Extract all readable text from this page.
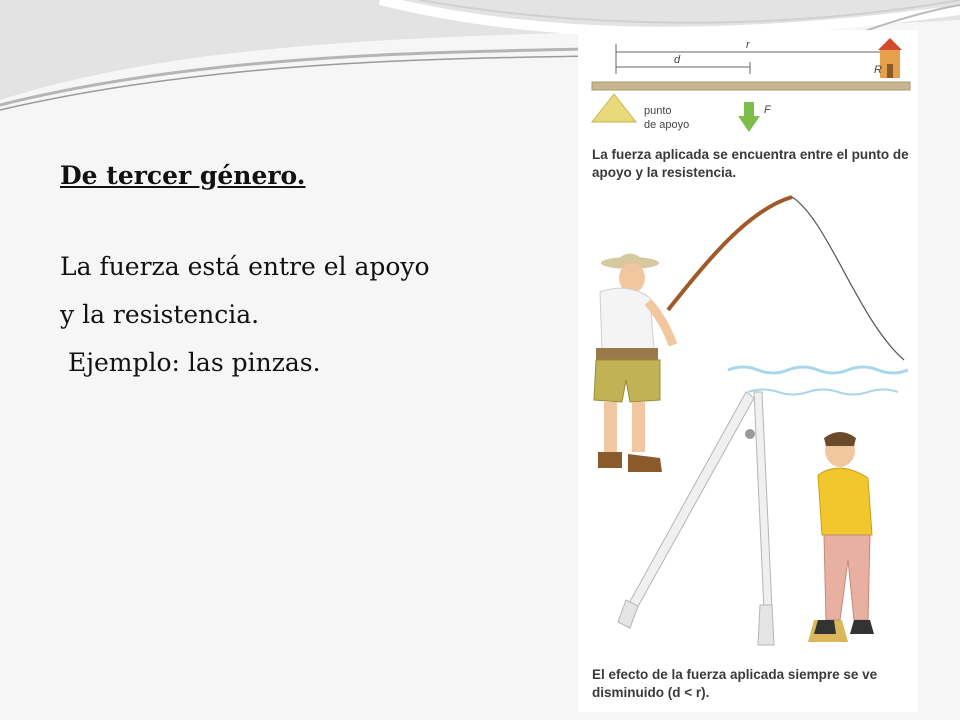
De tercer género.

La fuerza está entre el apoyo

y la resistencia.

Ejemplo: las pinzas.

r
d
R
punto
de apoyo
F
La fuerza aplicada se encuentra entre el punto de apoyo y la resistencia.
El efecto de la fuerza aplicada siempre se ve disminuido (d < r).
